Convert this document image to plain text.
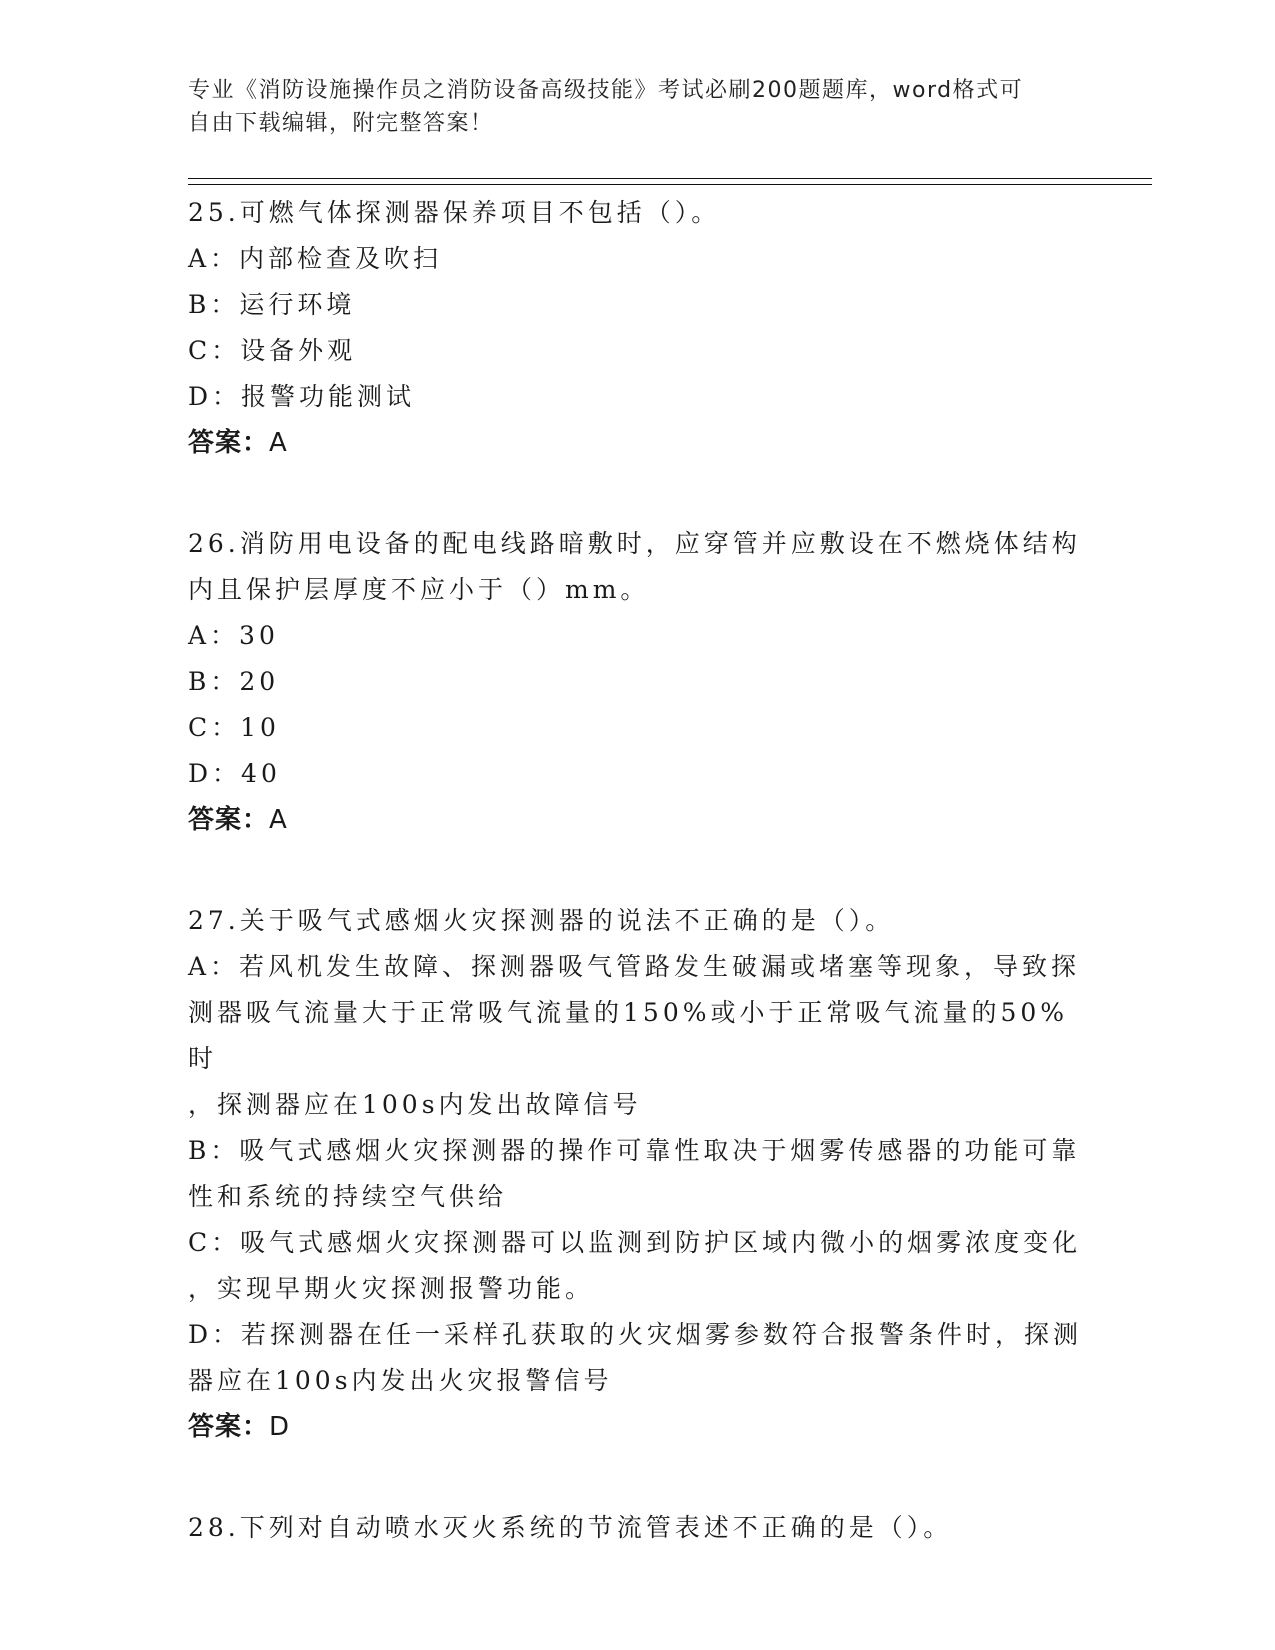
专业《消防设施操作员之消防设备高级技能》考试必刷200题题库，word格式可
自由下载编辑，附完整答案！
25.可燃气体探测器保养项目不包括（）。
A：内部检查及吹扫
B：运行环境
C：设备外观
D：报警功能测试
答案：A
26.消防用电设备的配电线路暗敷时，应穿管并应敷设在不燃烧体结构
内且保护层厚度不应小于（）mm。
A：30
B：20
C：10
D：40
答案：A
27.关于吸气式感烟火灾探测器的说法不正确的是（）。
A：若风机发生故障、探测器吸气管路发生破漏或堵塞等现象，导致探
测器吸气流量大于正常吸气流量的150%或小于正常吸气流量的50%时
，探测器应在100s内发出故障信号
B：吸气式感烟火灾探测器的操作可靠性取决于烟雾传感器的功能可靠
性和系统的持续空气供给
C：吸气式感烟火灾探测器可以监测到防护区域内微小的烟雾浓度变化
，实现早期火灾探测报警功能。
D：若探测器在任一采样孔获取的火灾烟雾参数符合报警条件时，探测
器应在100s内发出火灾报警信号
答案：D
28.下列对自动喷水灭火系统的节流管表述不正确的是（）。
